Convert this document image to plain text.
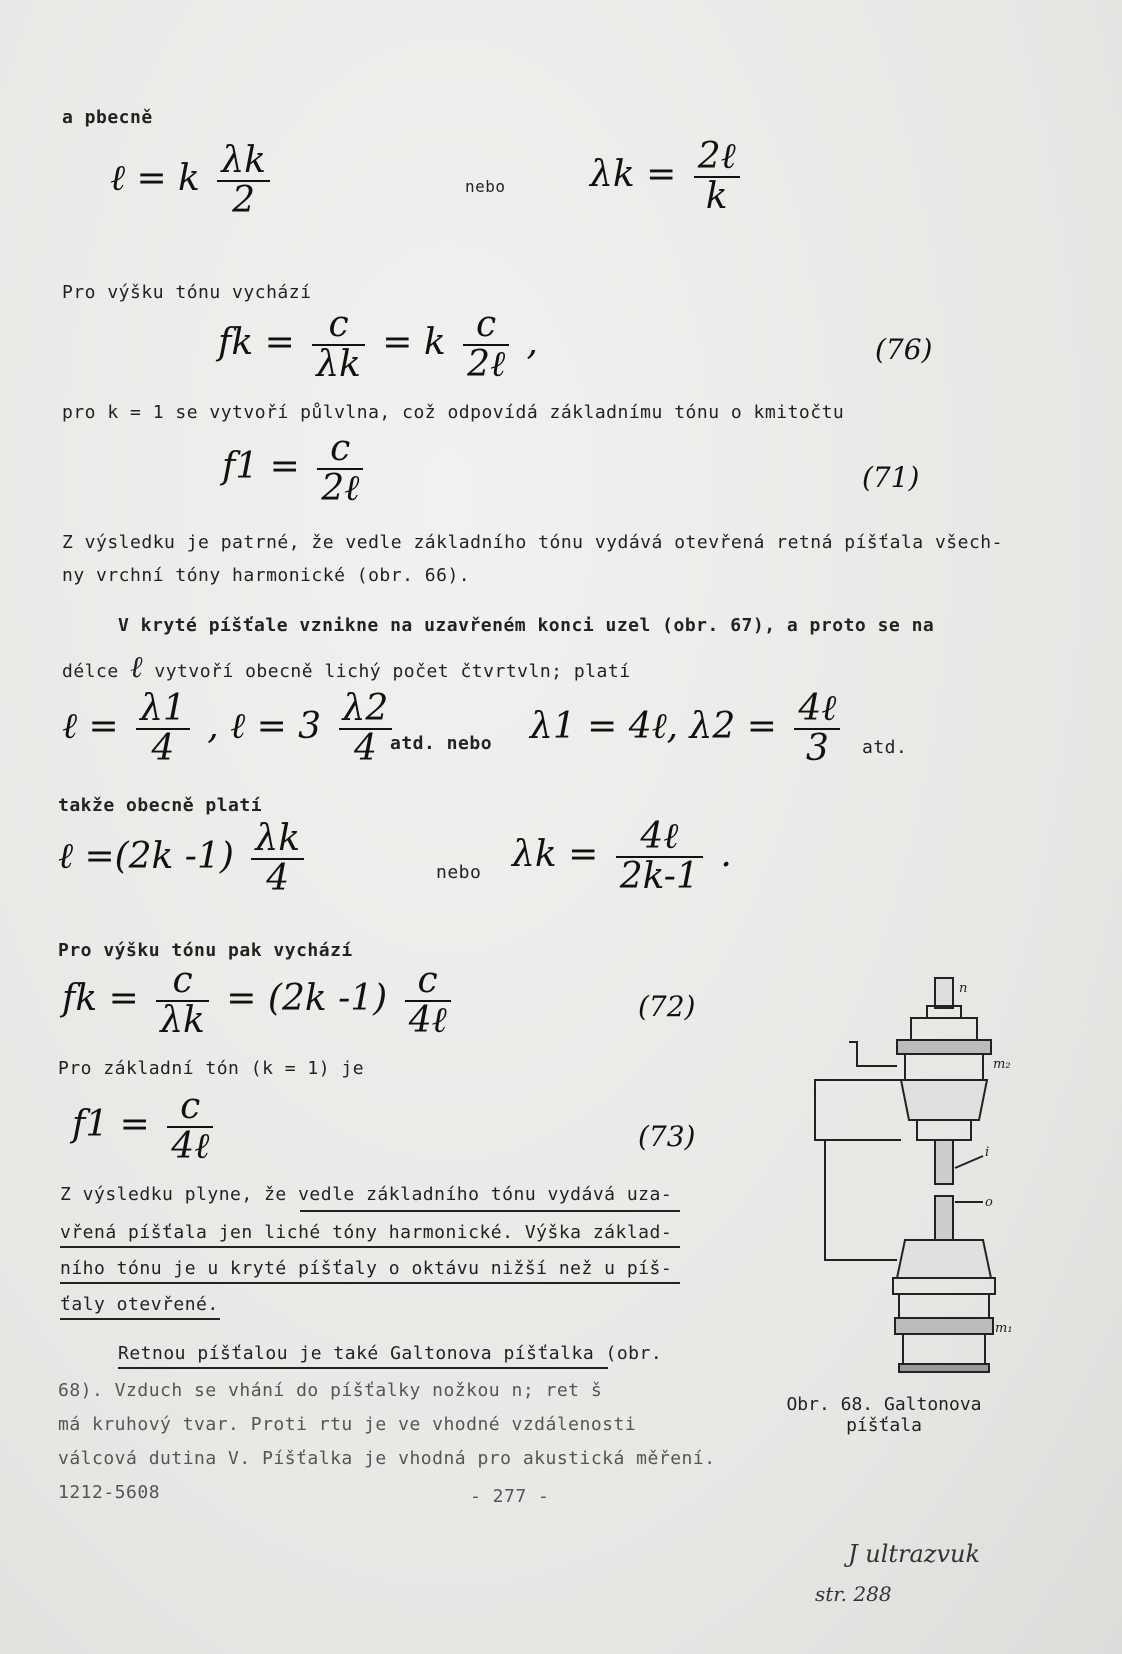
a pbecně
ℓ = k $\frac{\lambda k}{2}$	nebo $\lambda k = \frac{\text{2ℓ}}{k}$
Pro výšku tónu vychází
fk = $\frac{c}{\lambda k} = k \frac{c}{\text{2ℓ}}$ ,	(76)
pro k = 1 se vytvoří půlvlna, což odpovídá základnímu tónu o kmitočtu
$f1 = \frac{c}{\text{2ℓ}}$	(71)
Z výsledku je patrné, že vedle základního tónu vydává otevřená retná píšťala všech-
ny vrchní tóny harmonické (obr. 66).
V kryté píšťale vznikne na uzavřeném konci uzel (obr. 67), a proto se na
délce ℓ vytvoří obecně lichý počet čtvrtvln; platí
ℓ = $\frac{\lambda 1}{4}$ , ℓ = $3 \frac{\lambda 2}{4}$
atd. nebo λ1 = 4ℓ, $\lambda 2 = \frac{\text{4ℓ}}{3}$ atd.
takže obecně platí
ℓ =(2k $-1) \frac{\lambda k}{4}$	nebo $\lambda k = \frac{\text{4ℓ}}{2k-1}$ .
Pro výšku tónu pak vychází
fk = $\frac{c}{\lambda k} = (2k$ $-1) \frac{c}{\text{4ℓ}}$	(72)
Pro základní tón (k = 1) je
$f1 = \frac{c}{\text{4ℓ}}$	(73)
Z výsledku plyne, že vedle základního tónu vydává uza-
vřená píšťala jen liché tóny harmonické. Výška základ-
ního tónu je u kryté píšťaly o oktávu nižší než u píš-
ťaly otevřené.
Retnou píšťalou je také Galtonova píšťalka (obr.
68). Vzduch se vhání do píšťalky nožkou n; ret š
má kruhový tvar. Proti rtu je ve vhodné vzdálenosti
válcová dutina V. Píšťalka je vhodná pro akustická měření.
1212-5608	- 277 -
n
m₂
i
o
m₁
Obr. 68. Galtonova
píšťala
J ultrazvuk
str. 288
